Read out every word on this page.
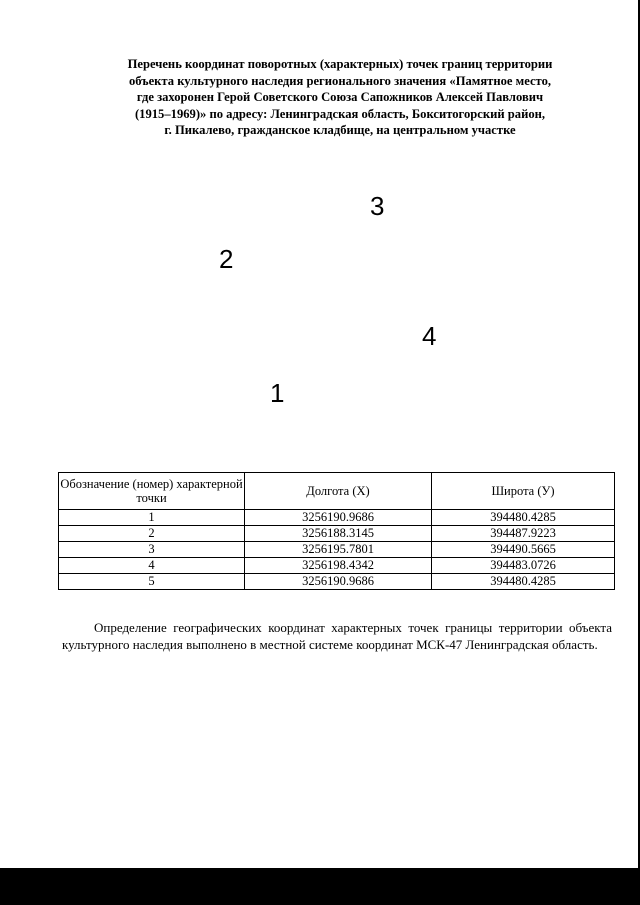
Перечень координат поворотных (характерных) точек границ территории
объекта культурного наследия регионального значения «Памятное место,
где захоронен Герой Советского Союза Сапожников Алексей Павлович
(1915–1969)» по адресу: Ленинградская область, Бокситогорский район,
г. Пикалево, гражданское кладбище, на центральном участке
1
2
3
4
Обозначение (номер) характерной точки	Долгота (X)	Широта (У)
1	3256190.9686	394480.4285
2	3256188.3145	394487.9223
3	3256195.7801	394490.5665
4	3256198.4342	394483.0726
5	3256190.9686	394480.4285

Определение географических координат характерных точек границы территории объекта культурного наследия выполнено в местной системе координат МСК-47 Ленинградская область.
